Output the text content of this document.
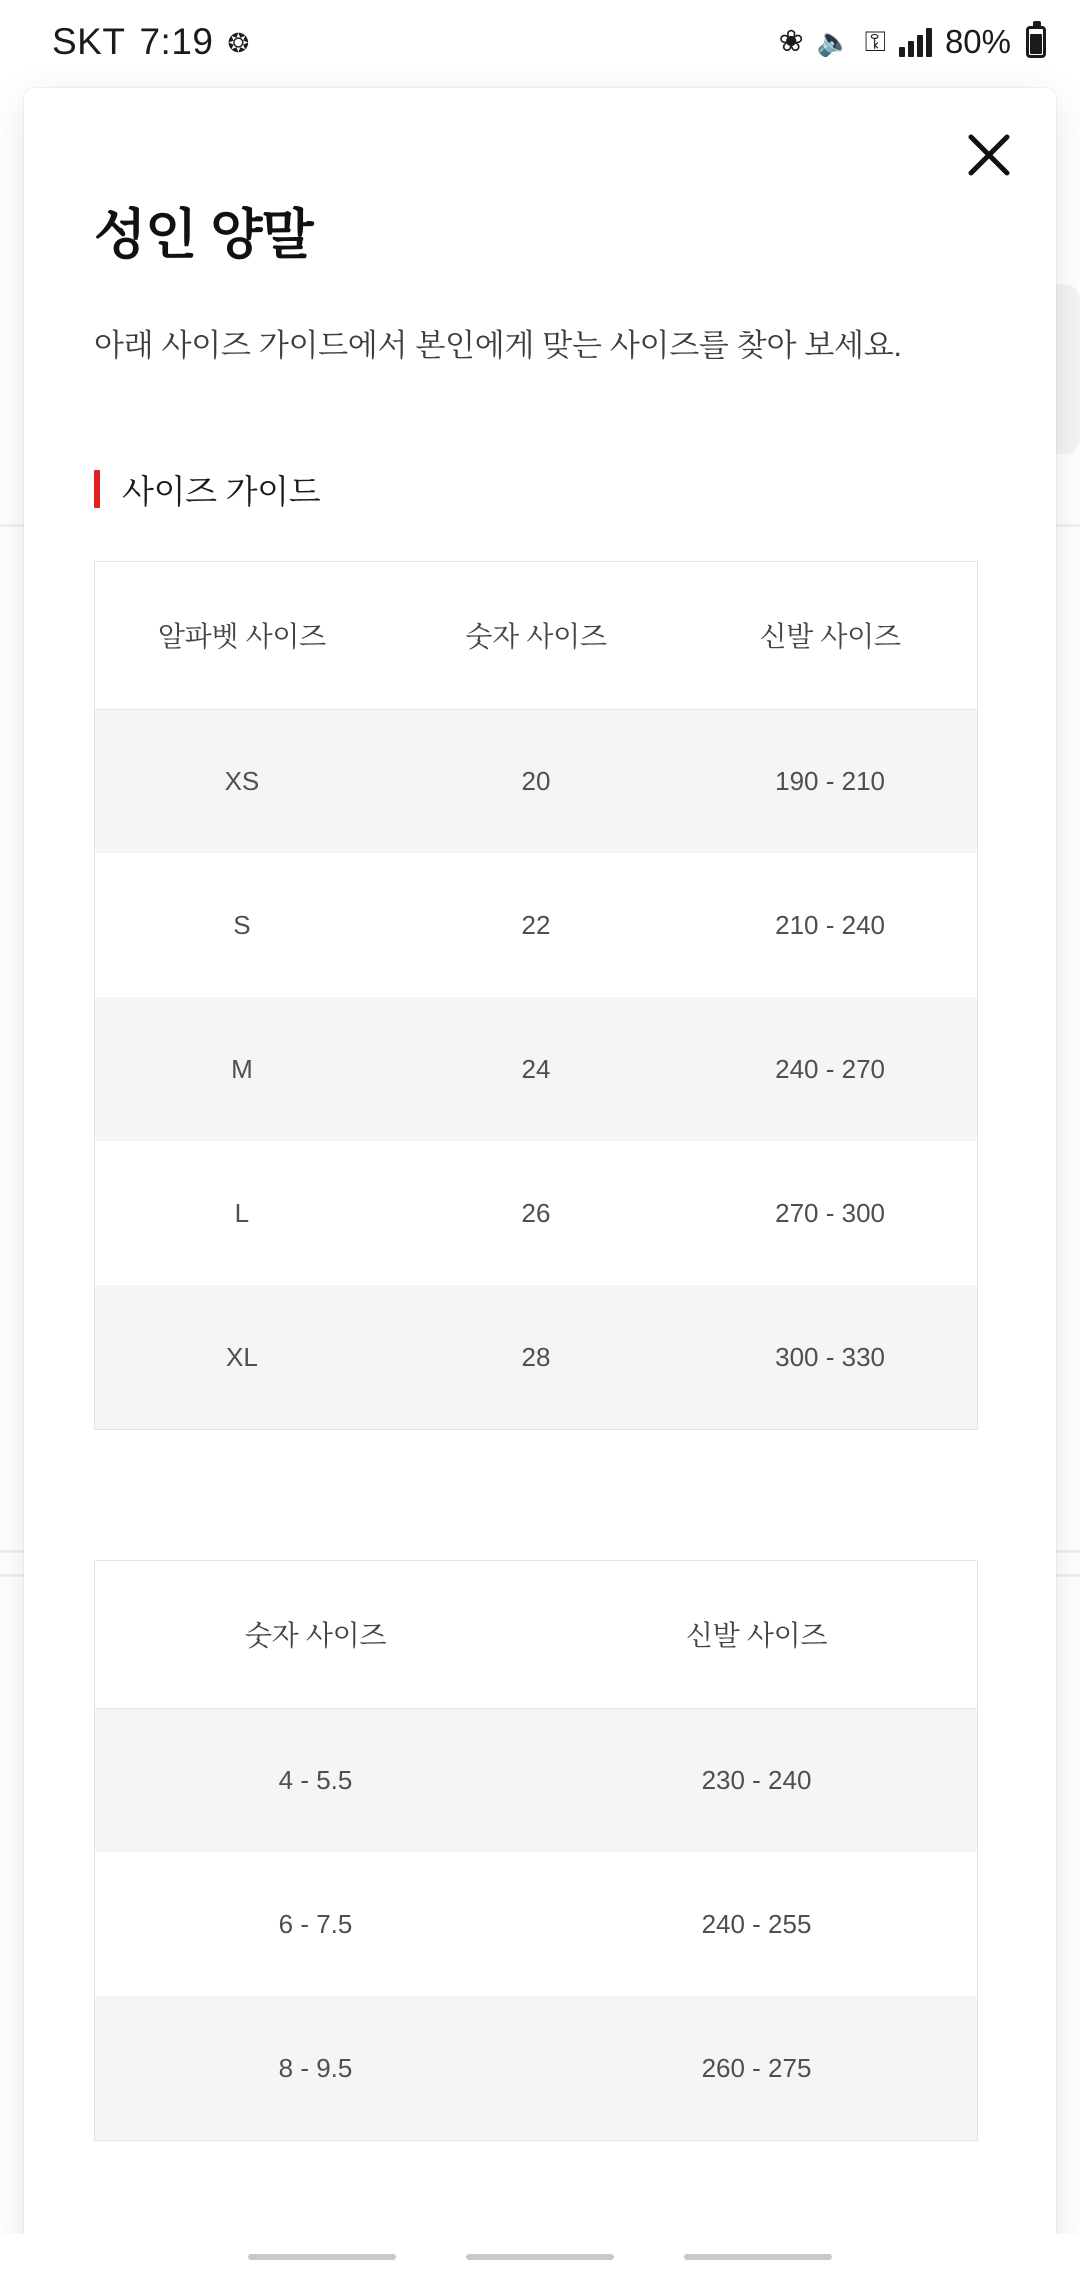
SKT 7:19 ❂	❀ 🔈 ⚿ 80%
성인 양말

아래 사이즈 가이드에서 본인에게 맞는 사이즈를 찾아 보세요.

사이즈 가이드
알파벳 사이즈	숫자 사이즈	신발 사이즈
XS	20	190 - 210
S	22	210 - 240
M	24	240 - 270
L	26	270 - 300
XL	28	300 - 330
숫자 사이즈	신발 사이즈
4 - 5.5	230 - 240
6 - 7.5	240 - 255
8 - 9.5	260 - 275
